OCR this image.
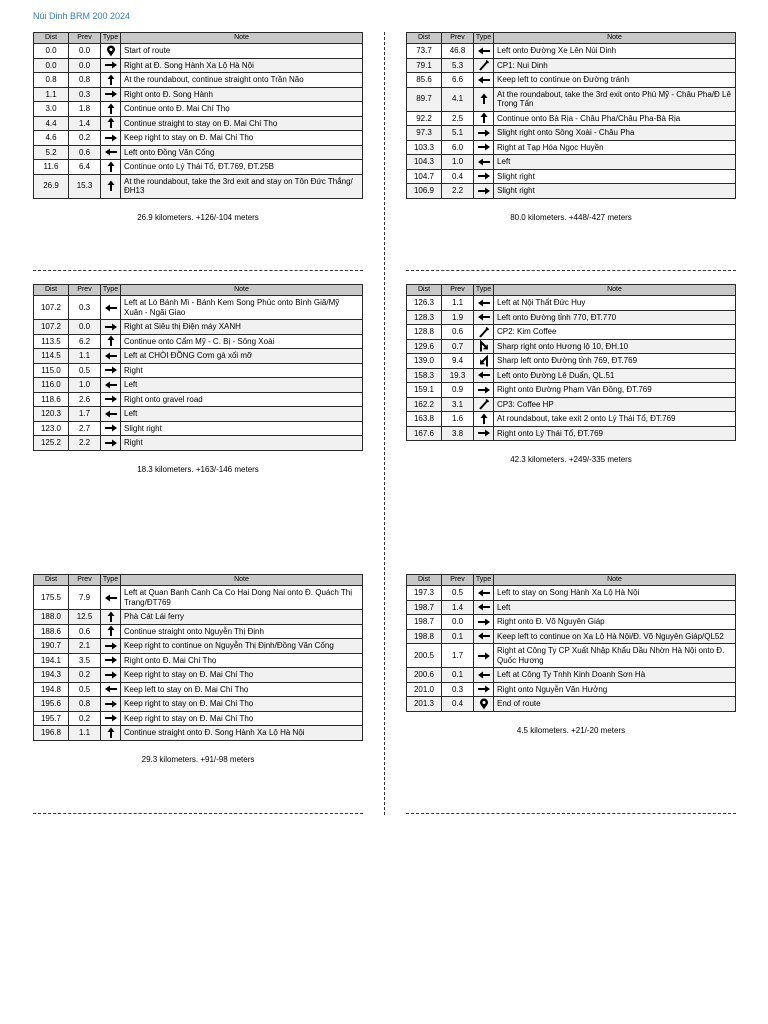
Núi Dinh BRM 200 2024
Dist	Prev	Type	Note
0.0	0.0		Start of route
0.0	0.0		Right at Đ. Song Hành Xa Lộ Hà Nội
0.8	0.8		At the roundabout, continue straight onto Trần Não
1.1	0.3		Right onto Đ. Song Hành
3.0	1.8		Continue onto Đ. Mai Chí Thọ
4.4	1.4		Continue straight to stay on Đ. Mai Chí Thọ
4.6	0.2		Keep right to stay on Đ. Mai Chí Thọ
5.2	0.6		Left onto Đồng Văn Cống
11.6	6.4		Continue onto Lý Thái Tổ, ĐT.769, ĐT.25B
26.9	15.3		At the roundabout, take the 3rd exit and stay on Tôn Đức Thắng/ĐH13
26.9 kilometers. +126/-104 meters
Dist	Prev	Type	Note
73.7	46.8		Left onto Đường Xe Lên Núi Dinh
79.1	5.3		CP1: Nui Dinh
85.6	6.6		Keep left to continue on Đường tránh
89.7	4.1		At the roundabout, take the 3rd exit onto Phú Mỹ - Châu Pha/Đ Lê Trọng Tấn
92.2	2.5		Continue onto Bà Rịa - Châu Pha/Châu Pha-Bà Rịa
97.3	5.1		Slight right onto Sông Xoài - Châu Pha
103.3	6.0		Right at Tạp Hóa Ngọc Huyền
104.3	1.0		Left
104.7	0.4		Slight right
106.9	2.2		Slight right
80.0 kilometers. +448/-427 meters
Dist	Prev	Type	Note
107.2	0.3		Left at Lò Bánh Mì - Bánh Kem Song Phúc onto Bình Giã/Mỹ Xuân - Ngãi Giao
107.2	0.0		Right at Siêu thị Điện máy XANH
113.5	6.2		Continue onto Cẩm Mỹ - C. Bị - Sông Xoài
114.5	1.1		Left at CHÒI ĐỒNG Cơm gà xối mỡ
115.0	0.5		Right
116.0	1.0		Left
118.6	2.6		Right onto gravel road
120.3	1.7		Left
123.0	2.7		Slight right
125.2	2.2		Right
18.3 kilometers. +163/-146 meters
Dist	Prev	Type	Note
126.3	1.1		Left at Nội Thất Đức Huy
128.3	1.9		Left onto Đường tỉnh 770, ĐT.770
128.8	0.6		CP2: Kim Coffee
129.6	0.7		Sharp right onto Hương lộ 10, ĐH.10
139.0	9.4		Sharp left onto Đường tỉnh 769, ĐT.769
158.3	19.3		Left onto Đường Lê Duẩn, QL.51
159.1	0.9		Right onto Đường Phạm Văn Đồng, ĐT.769
162.2	3.1		CP3: Coffee HP
163.8	1.6		At roundabout, take exit 2 onto Lý Thái Tổ, ĐT.769
167.6	3.8		Right onto Lý Thái Tổ, ĐT.769
42.3 kilometers. +249/-335 meters
Dist	Prev	Type	Note
175.5	7.9		Left at Quan Banh Canh Ca Co Hai Dong Nai onto Đ. Quách Thị Trang/ĐT769
188.0	12.5		Phà Cát Lái ferry
188.6	0.6		Continue straight onto Nguyễn Thị Định
190.7	2.1		Keep right to continue on Nguyễn Thị Định/Đồng Văn Cống
194.1	3.5		Right onto Đ. Mai Chí Thọ
194.3	0.2		Keep right to stay on Đ. Mai Chí Thọ
194.8	0.5		Keep left to stay on Đ. Mai Chí Thọ
195.6	0.8		Keep right to stay on Đ. Mai Chí Thọ
195.7	0.2		Keep right to stay on Đ. Mai Chí Thọ
196.8	1.1		Continue straight onto Đ. Song Hành Xa Lộ Hà Nội
29.3 kilometers. +91/-98 meters
Dist	Prev	Type	Note
197.3	0.5		Left to stay on Song Hành Xa Lộ Hà Nội
198.7	1.4		Left
198.7	0.0		Right onto Đ. Võ Nguyên Giáp
198.8	0.1		Keep left to continue on Xa Lộ Hà Nội/Đ. Võ Nguyên Giáp/QL52
200.5	1.7		Right at Công Ty CP Xuất Nhập Khẩu Dầu Nhờn Hà Nội onto Đ. Quốc Hương
200.6	0.1		Left at Công Ty Tnhh Kinh Doanh Sơn Hà
201.0	0.3		Right onto Nguyễn Văn Hưởng
201.3	0.4		End of route
4.5 kilometers. +21/-20 meters
